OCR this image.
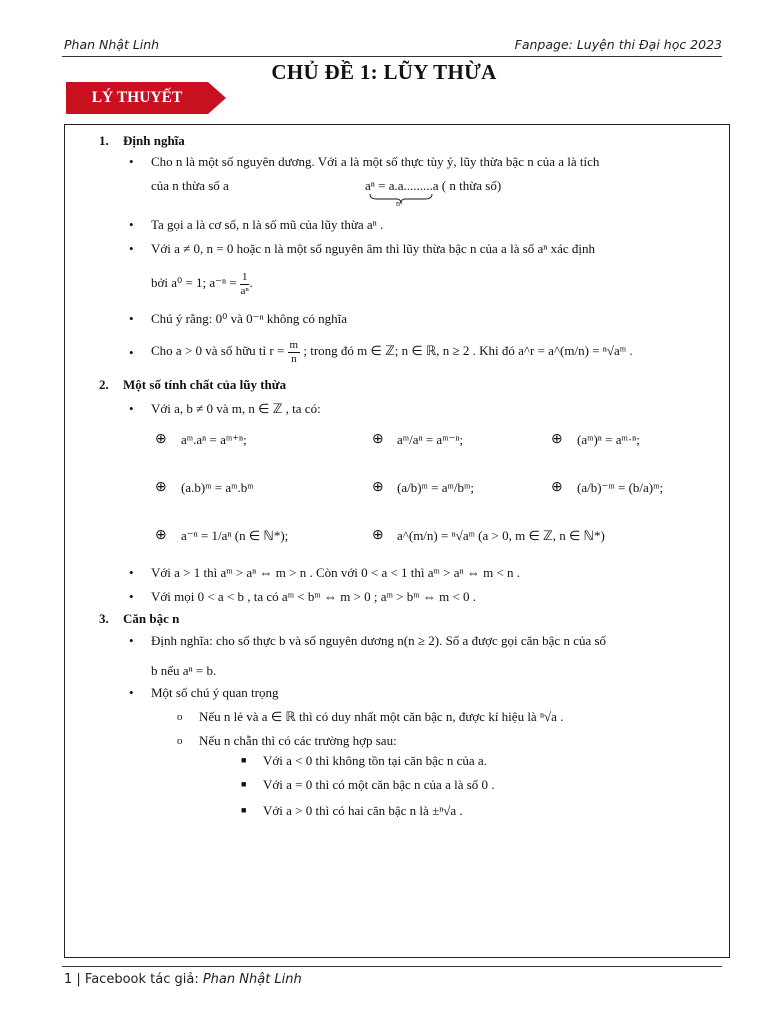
Phan Nhật Linh	Fanpage: Luyện thi Đại học 2023
CHỦ ĐỀ 1: LŨY THỪA
LÝ THUYẾT
1. Định nghĩa
• Cho n là một số nguyên dương. Với a là một số thực tùy ý, lũy thừa bậc n của a là tích
của n thừa số a	aⁿ = a.a.........a ( n thừa số)
n
• Ta gọi a là cơ số, n là số mũ của lũy thừa aⁿ .
• Với a ≠ 0, n = 0 hoặc n là một số nguyên âm thì lũy thừa bậc n của a là số aⁿ xác định
bởi a⁰ = 1; $a^{-n} = \frac{1}{\text{aⁿ}}$ .
• Chú ý rằng: 0⁰ và 0⁻ⁿ không có nghĩa
• Cho a > 0 và số hữu tỉ $r = \frac{m}{n}$ ; trong đó m ∈ ℤ; n ∈ ℝ, n ≥ 2 . Khi đó a^r = a^(m/n) = ⁿ√aᵐ .
2. Một số tính chất của lũy thừa
• Với a, b ≠ 0 và m, n ∈ ℤ , ta có:
⊕ aᵐ.aⁿ = aᵐ⁺ⁿ;	⊕ aᵐ/aⁿ = aᵐ⁻ⁿ;	⊕ (aᵐ)ⁿ = aᵐ·ⁿ;
⊕ (a.b)ᵐ = aᵐ.bᵐ	⊕ (a/b)ᵐ = aᵐ/bᵐ;	⊕ (a/b)⁻ᵐ = (b/a)ᵐ;
⊕ a⁻ⁿ = 1/aⁿ (n ∈ ℕ*);	⊕ a^(m/n) = ⁿ√aᵐ (a > 0, m ∈ ℤ, n ∈ ℕ*)
• Với a > 1 thì aᵐ > aⁿ ⇔ m > n . Còn với 0 < a < 1 thì aᵐ > aⁿ ⇔ m < n .
• Với mọi 0 < a < b , ta có aᵐ < bᵐ ⇔ m > 0 ; aᵐ > bᵐ ⇔ m < 0 .
3. Căn bậc n
• Định nghĩa: cho số thực b và số nguyên dương n(n ≥ 2). Số a được gọi căn bậc n của số
b nếu aⁿ = b.
• Một số chú ý quan trọng
o Nếu n lẻ và a ∈ ℝ thì có duy nhất một căn bậc n, được kí hiệu là ⁿ√a .
o Nếu n chẵn thì có các trường hợp sau:
■ Với a < 0 thì không tồn tại căn bậc n của a.
■ Với a = 0 thì có một căn bậc n của a là số 0 .
■ Với a > 0 thì có hai căn bậc n là ±ⁿ√a .
1 | Facebook tác giả: Phan Nhật Linh
